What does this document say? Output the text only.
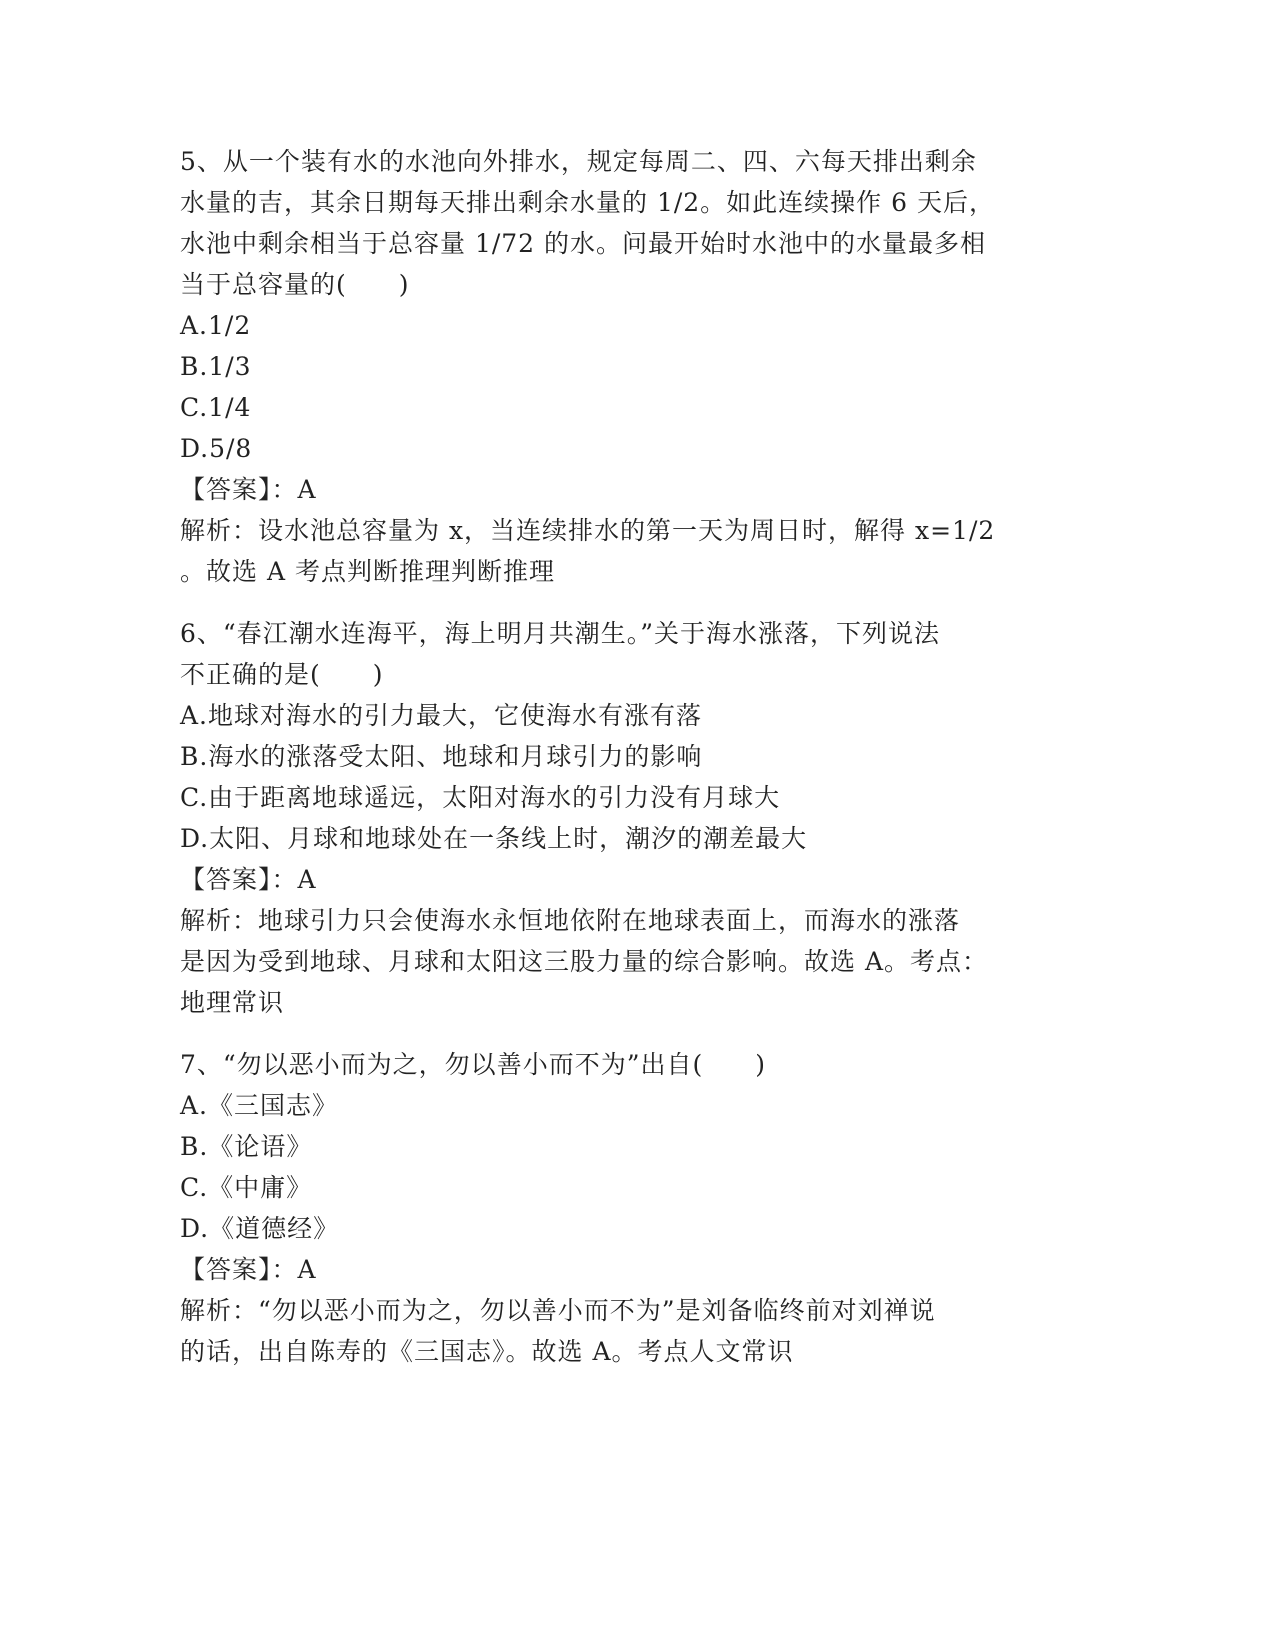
5、从一个装有水的水池向外排水，规定每周二、四、六每天排出剩余
水量的吉，其余日期每天排出剩余水量的 1/2。如此连续操作 6 天后，
水池中剩余相当于总容量 1/72 的水。问最开始时水池中的水量最多相
当于总容量的(　　)
A.1/2
B.1/3
C.1/4
D.5/8
【答案】：A
解析：设水池总容量为 x，当连续排水的第一天为周日时，解得 x=1/2
。故选 A 考点判断推理判断推理
6、“春江潮水连海平，海上明月共潮生。”关于海水涨落，下列说法
不正确的是(　　)
A.地球对海水的引力最大，它使海水有涨有落
B.海水的涨落受太阳、地球和月球引力的影响
C.由于距离地球遥远，太阳对海水的引力没有月球大
D.太阳、月球和地球处在一条线上时，潮汐的潮差最大
【答案】：A
解析：地球引力只会使海水永恒地依附在地球表面上，而海水的涨落
是因为受到地球、月球和太阳这三股力量的综合影响。故选 A。考点：
地理常识
7、“勿以恶小而为之，勿以善小而不为”出自(　　)
A.《三国志》
B.《论语》
C.《中庸》
D.《道德经》
【答案】：A
解析：“勿以恶小而为之，勿以善小而不为”是刘备临终前对刘禅说
的话，出自陈寿的《三国志》。故选 A。考点人文常识
